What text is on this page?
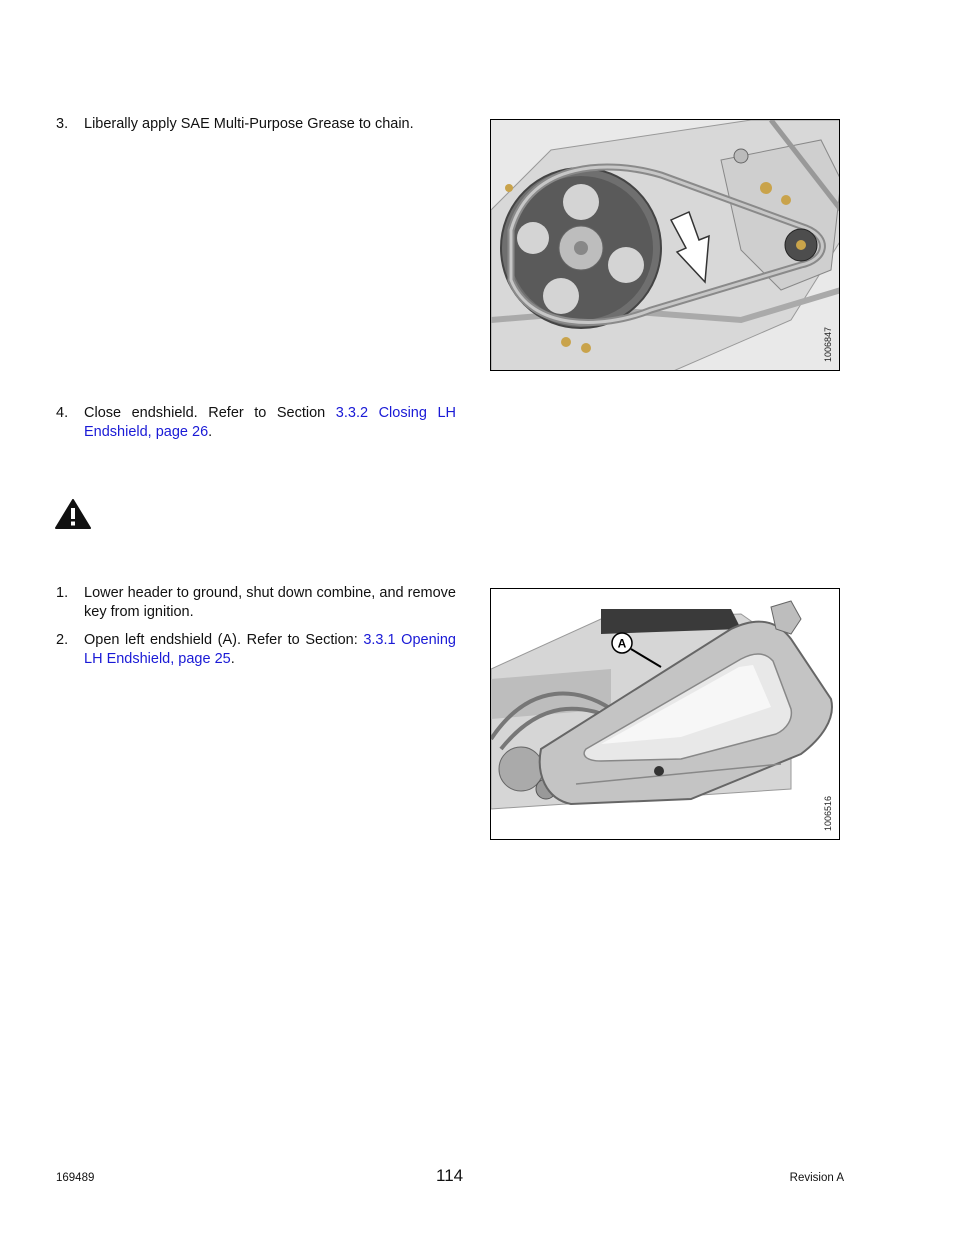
3. Liberally apply SAE Multi-Purpose Grease to chain.
1006847
4. Close endshield. Refer to Section 3.3.2 Closing LH Endshield, page 26.
1. Lower header to ground, shut down combine, and remove key from ignition.
2. Open left endshield (A). Refer to Section: 3.3.1 Opening LH Endshield, page 25.
A
1006516
169489	114	Revision A
